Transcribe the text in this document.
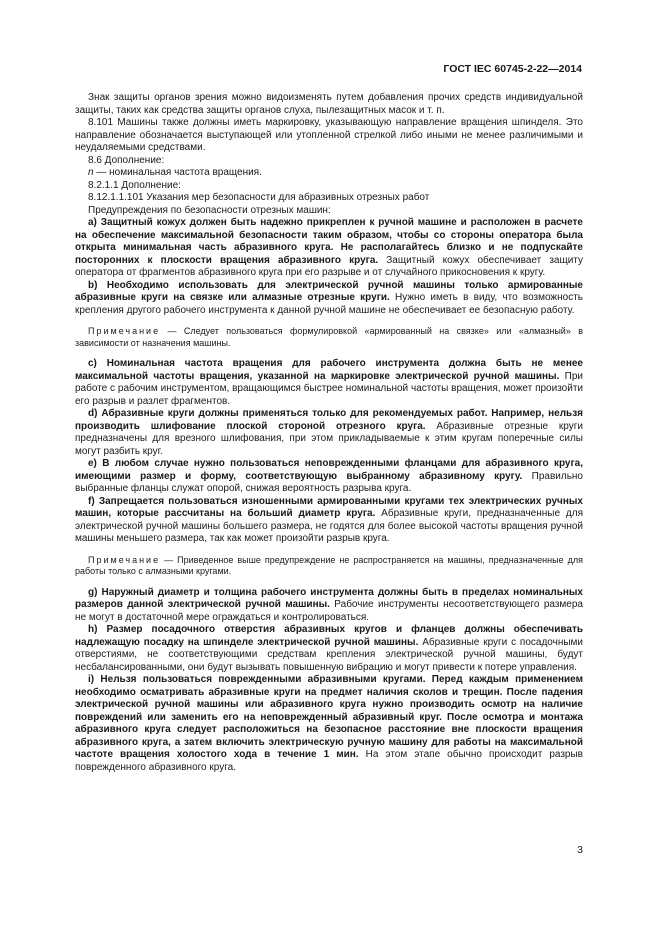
ГОСТ IEC 60745-2-22—2014

Знак защиты органов зрения можно видоизменять путем добавления прочих средств индивидуальной защиты, таких как средства защиты органов слуха, пылезащитных масок и т. п.

8.101 Машины также должны иметь маркировку, указывающую направление вращения шпинделя. Это направление обозначается выступающей или утопленной стрелкой либо иными не менее различимыми и неудаляемыми средствами.

8.6 Дополнение:

n — номинальная частота вращения.

8.2.1.1 Дополнение:

8.12.1.1.101 Указания мер безопасности для абразивных отрезных работ

Предупреждения по безопасности отрезных машин:

a) Защитный кожух должен быть надежно прикреплен к ручной машине и расположен в расчете на обеспечение максимальной безопасности таким образом, чтобы со стороны оператора была открыта минимальная часть абразивного круга. Не располагайтесь близко и не подпускайте посторонних к плоскости вращения абразивного круга. Защитный кожух обеспечивает защиту оператора от фрагментов абразивного круга при его разрыве и от случайного прикосновения к кругу.

b) Необходимо использовать для электрической ручной машины только армированные абразивные круги на связке или алмазные отрезные круги. Нужно иметь в виду, что возможность крепления другого рабочего инструмента к данной ручной машине не обеспечивает ее безопасную работу.

Примечание — Следует пользоваться формулировкой «армированный на связке» или «алмазный» в зависимости от назначения машины.

c) Номинальная частота вращения для рабочего инструмента должна быть не менее максимальной частоты вращения, указанной на маркировке электрической ручной машины. При работе с рабочим инструментом, вращающимся быстрее номинальной частоты вращения, может произойти его разрыв и разлет фрагментов.

d) Абразивные круги должны применяться только для рекомендуемых работ. Например, нельзя производить шлифование плоской стороной отрезного круга. Абразивные отрезные круги предназначены для врезного шлифования, при этом прикладываемые к этим кругам поперечные силы могут разбить круг.

e) В любом случае нужно пользоваться неповрежденными фланцами для абразивного круга, имеющими размер и форму, соответствующую выбранному абразивному кругу. Правильно выбранные фланцы служат опорой, снижая вероятность разрыва круга.

f) Запрещается пользоваться изношенными армированными кругами тех электрических ручных машин, которые рассчитаны на больший диаметр круга. Абразивные круги, предназначенные для электрической ручной машины большего размера, не годятся для более высокой частоты вращения ручной машины меньшего размера, так как может произойти разрыв круга.

Примечание — Приведенное выше предупреждение не распространяется на машины, предназначенные для работы только с алмазными кругами.

g) Наружный диаметр и толщина рабочего инструмента должны быть в пределах номинальных размеров данной электрической ручной машины. Рабочие инструменты несоответствующего размера не могут в достаточной мере ограждаться и контролироваться.

h) Размер посадочного отверстия абразивных кругов и фланцев должны обеспечивать надлежащую посадку на шпинделе электрической ручной машины. Абразивные круги с посадочными отверстиями, не соответствующими средствам крепления электрической ручной машины, будут несбалансированными, они будут вызывать повышенную вибрацию и могут привести к потере управления.

i) Нельзя пользоваться поврежденными абразивными кругами. Перед каждым применением необходимо осматривать абразивные круги на предмет наличия сколов и трещин. После падения электрической ручной машины или абразивного круга нужно производить осмотр на наличие повреждений или заменить его на неповрежденный абразивный круг. После осмотра и монтажа абразивного круга следует расположиться на безопасное расстояние вне плоскости вращения абразивного круга, а затем включить электрическую ручную машину для работы на максимальной частоте вращения холостого хода в течение 1 мин. На этом этапе обычно происходит разрыв поврежденного абразивного круга.

3
